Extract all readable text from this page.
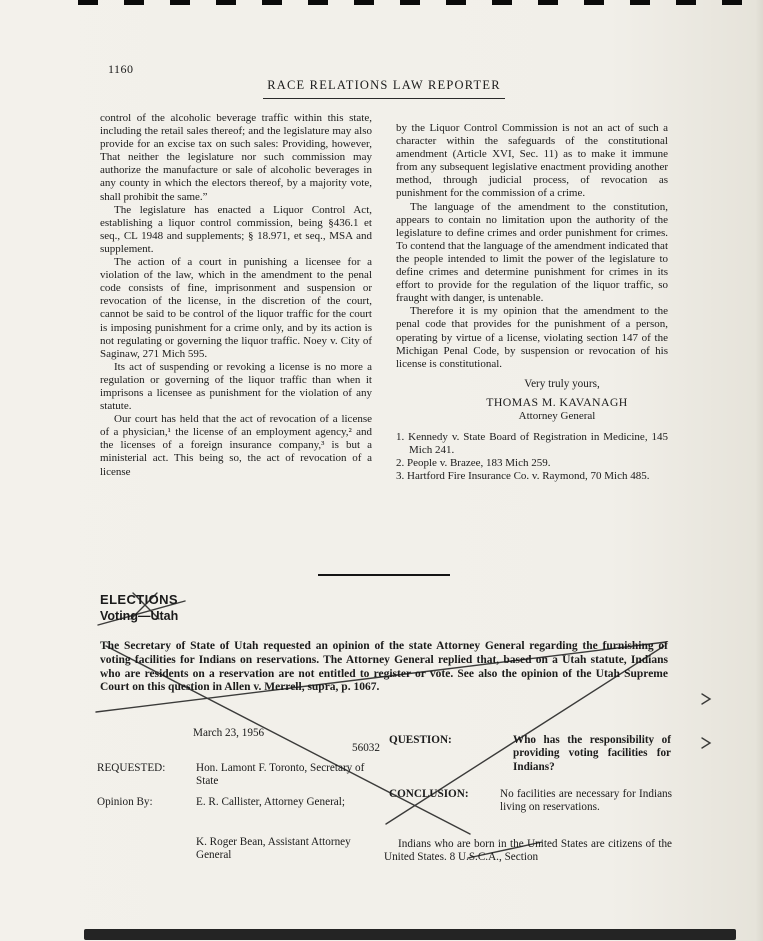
1160
RACE RELATIONS LAW REPORTER

control of the alcoholic beverage traffic within this state, including the retail sales thereof; and the legislature may also provide for an excise tax on such sales: Providing, however, That neither the legislature nor such commission may authorize the manufacture or sale of alcoholic beverages in any county in which the electors thereof, by a majority vote, shall prohibit the same.”

The legislature has enacted a Liquor Control Act, establishing a liquor control commission, being §436.1 et seq., CL 1948 and supplements; § 18.971, et seq., MSA and supplement.

The action of a court in punishing a licensee for a violation of the law, which in the amendment to the penal code consists of fine, imprisonment and suspension or revocation of the license, in the discretion of the court, cannot be said to be control of the liquor traffic for the court is imposing punishment for a crime only, and by its action is not regulating or governing the liquor traffic. Noey v. City of Saginaw, 271 Mich 595.

Its act of suspending or revoking a license is no more a regulation or governing of the liquor traffic than when it imprisons a licensee as punishment for the violation of any statute.

Our court has held that the act of revocation of a license of a physician,¹ the license of an employment agency,² and the licenses of a foreign insurance company,³ is but a ministerial act. This being so, the act of revocation of a license

by the Liquor Control Commission is not an act of such a character within the safeguards of the constitutional amendment (Article XVI, Sec. 11) as to make it immune from any subsequent legislative enactment providing another method, through judicial process, of revocation as punishment for the commission of a crime.

The language of the amendment to the constitution, appears to contain no limitation upon the authority of the legislature to define crimes and order punishment for crimes. To contend that the language of the amendment indicated that the people intended to limit the power of the legislature to define crimes and determine punishment for crimes in its effort to provide for the regulation of the liquor traffic, so fraught with danger, is untenable.

Therefore it is my opinion that the amendment to the penal code that provides for the punishment of a person, operating by virtue of a license, violating section 147 of the Michigan Penal Code, by suspension or revocation of his license is constitutional.

Very truly yours,
THOMAS M. KAVANAGH
Attorney General

1. Kennedy v. State Board of Registration in Medicine, 145 Mich 241.

2. People v. Brazee, 183 Mich 259.

3. Hartford Fire Insurance Co. v. Raymond, 70 Mich 485.

ELECTIONS
Voting—Utah
The Secretary of State of Utah requested an opinion of the state Attorney General regarding the furnishing of voting facilities for Indians on reservations. The Attorney General replied that, based on a Utah statute, Indians who are residents on a reservation are not entitled to register or vote. See also the opinion of the Utah Supreme Court on this question in Allen v. Merrell, supra, p. 1067.
March 23, 1956
56032
REQUESTED:	Hon. Lamont F. Toronto, Secretary of State
Opinion By:	E. R. Callister, Attorney General;
K. Roger Bean, Assistant Attorney General
QUESTION:	Who has the responsibility of providing voting facilities for Indians?
CONCLUSION:	No facilities are necessary for Indians living on reservations.
Indians who are born in the United States are citizens of the United States. 8 U.S.C.A., Section
